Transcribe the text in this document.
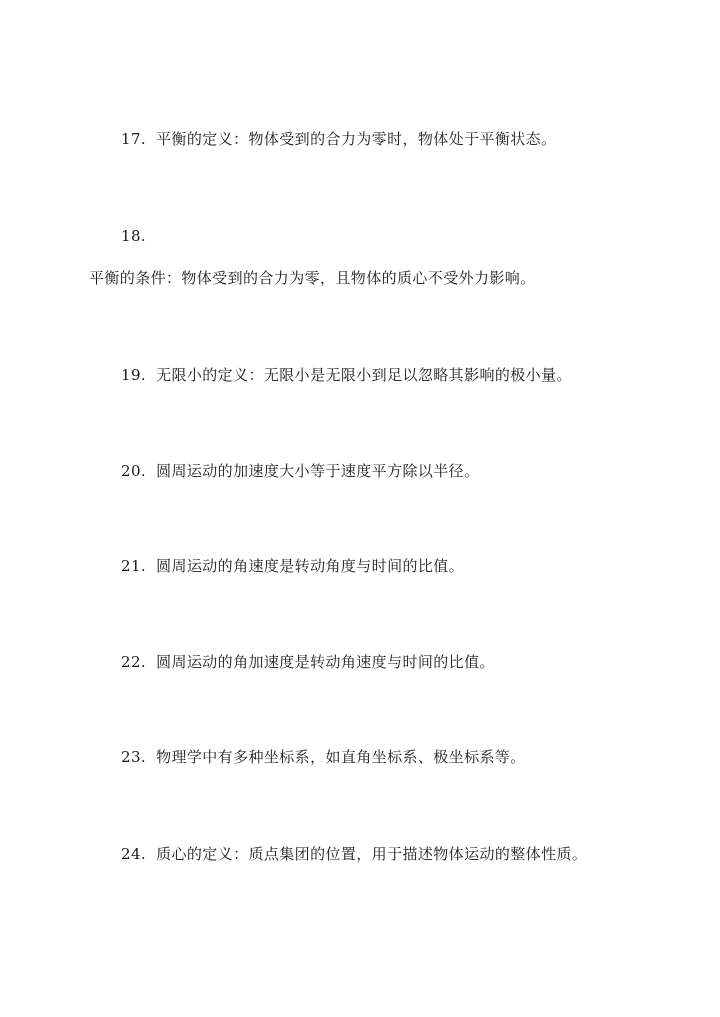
17. 平衡的定义：物体受到的合力为零时，物体处于平衡状态。
18.
平衡的条件：物体受到的合力为零，且物体的质心不受外力影响。
19. 无限小的定义：无限小是无限小到足以忽略其影响的极小量。
20. 圆周运动的加速度大小等于速度平方除以半径。
21. 圆周运动的角速度是转动角度与时间的比值。
22. 圆周运动的角加速度是转动角速度与时间的比值。
23. 物理学中有多种坐标系，如直角坐标系、极坐标系等。
24. 质心的定义：质点集团的位置，用于描述物体运动的整体性质。
